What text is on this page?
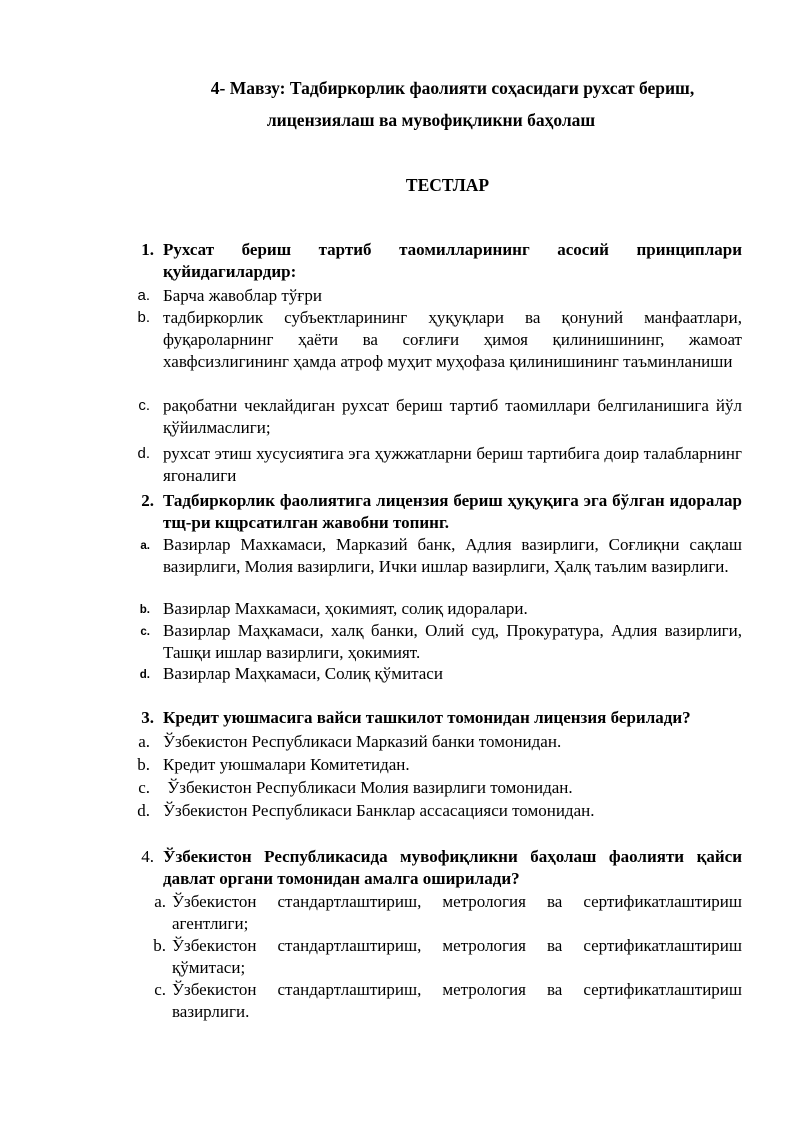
4- Мавзу: Тадбиркорлик фаолияти соҳасидаги рухсат бериш,
лицензиялаш ва мувофиқликни баҳолаш
ТЕСТЛАР
1. Рухсат бериш тартиб таомилларининг асосий принциплари қуйидагилардир:
a. Барча жавоблар тўғри
b. тадбиркорлик субъектларининг ҳуқуқлари ва қонуний манфаатлари, фуқароларнинг ҳаёти ва соғлиғи ҳимоя қилинишининг, жамоат хавфсизлигининг ҳамда атроф муҳит муҳофаза қилинишининг таъминланиши
c. рақобатни чеклайдиган рухсат бериш тартиб таомиллари белгиланишига йўл қўйилмаслиги;
d. рухсат этиш хусусиятига эга ҳужжатларни бериш тартибига доир талабларнинг ягоналиги
2. Тадбиркорлик фаолиятига лицензия бериш ҳуқуқига эга бўлган идоралар тщ-ри кщрсатилган жавобни топинг.
a. Вазирлар Махкамаси, Марказий банк, Адлия вазирлиги, Соғлиқни сақлаш вазирлиги, Молия вазирлиги, Ички ишлар вазирлиги, Ҳалқ таълим вазирлиги.
b. Вазирлар Махкамаси, ҳокимият, солиқ идоралари.
c. Вазирлар Маҳкамаси, халқ банки, Олий суд, Прокуратура, Адлия вазирлиги, Ташқи ишлар вазирлиги, ҳокимият.
d. Вазирлар Маҳкамаси, Солиқ қўмитаси
3. Кредит уюшмасига вайси ташкилот томонидан лицензия берилади?
a. Ўзбекистон Республикаси Марказий банки томонидан.
b. Кредит уюшмалари Комитетидан.
c. Ўзбекистон Республикаси Молия вазирлиги томонидан.
d. Ўзбекистон Республикаси Банклар ассасацияси томонидан.
4. Ўзбекистон Республикасида мувофиқликни баҳолаш фаолияти қайси давлат органи томонидан амалга оширилади?
a. Ўзбекистон стандартлаштириш, метрология ва сертификатлаштириш агентлиги;
b. Ўзбекистон стандартлаштириш, метрология ва сертификатлаштириш қўмитаси;
c. Ўзбекистон стандартлаштириш, метрология ва сертификатлаштириш вазирлиги.
